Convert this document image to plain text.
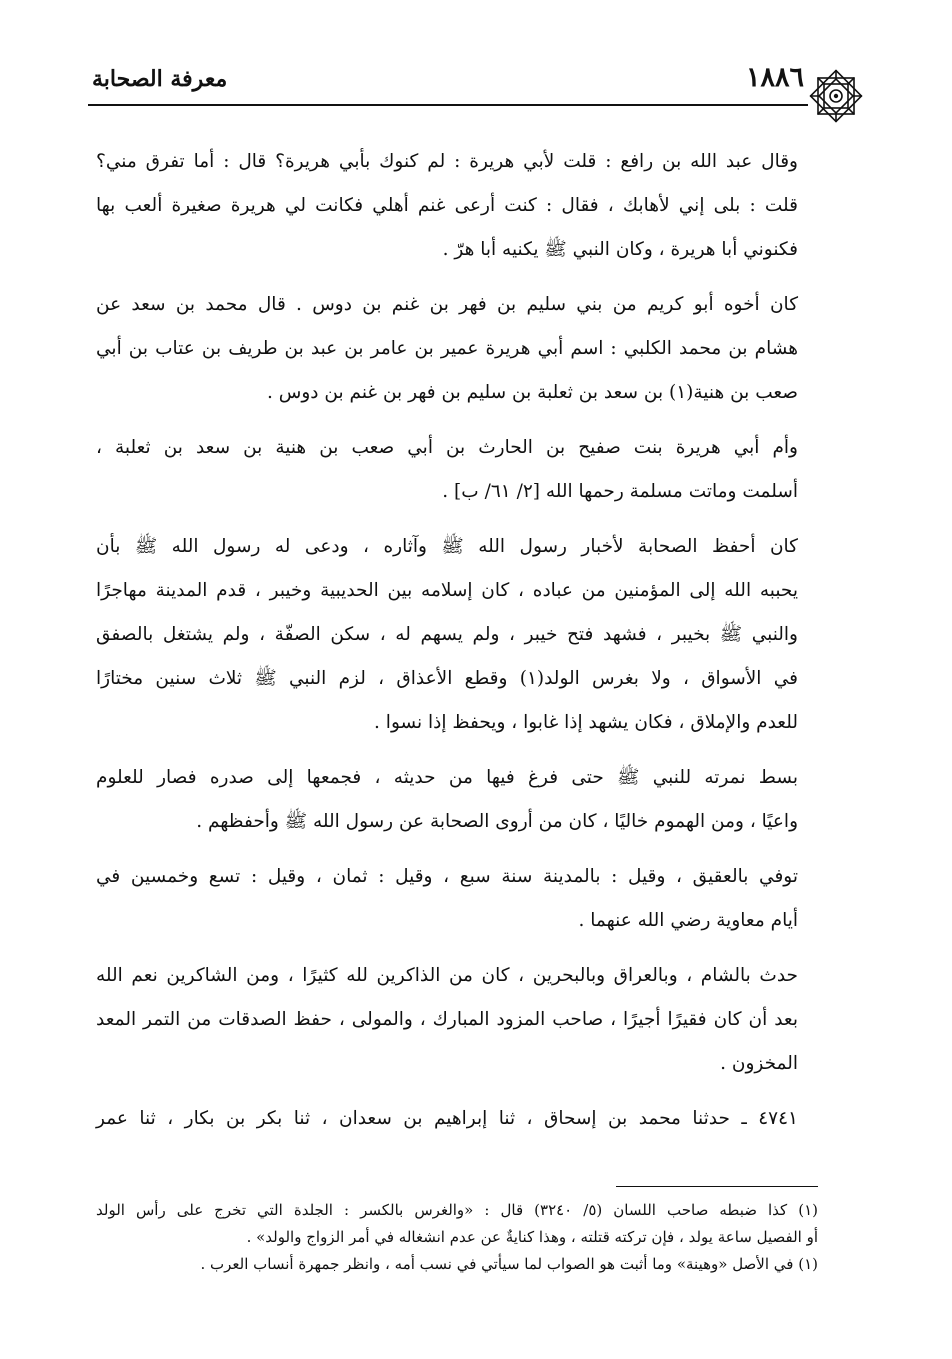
معرفة الصحابة	١٨٨٦

وقال عبد الله بن رافع : قلت لأبي هريرة : لم كنوك بأبي هريرة؟ قال : أما تفرق مني؟
قلت : بلى إني لأهابك ، فقال : كنت أرعى غنم أهلي فكانت لي هريرة صغيرة ألعب بها
فكنوني أبا هريرة ، وكان النبي ﷺ يكنيه أبا هرّ .

كان أخوه أبو كريم من بني سليم بن فهر بن غنم بن دوس . قال محمد بن سعد عن
هشام بن محمد الكلبي : اسم أبي هريرة عمير بن عامر بن عبد بن طريف بن عتاب بن أبي
صعب بن هنية(١) بن سعد بن ثعلبة بن سليم بن فهر بن غنم بن دوس .

وأم أبي هريرة بنت صفيح بن الحارث بن أبي صعب بن هنية بن سعد بن ثعلبة ،
أسلمت وماتت مسلمة رحمها الله [٢/ ٦١/ ب] .

كان أحفظ الصحابة لأخبار رسول الله ﷺ وآثاره ، ودعى له رسول الله ﷺ بأن
يحببه الله إلى المؤمنين من عباده ، كان إسلامه بين الحديبية وخيبر ، قدم المدينة مهاجرًا
والنبي ﷺ بخيبر ، فشهد فتح خيبر ، ولم يسهم له ، سكن الصفّة ، ولم يشتغل بالصفق
في الأسواق ، ولا بغرس الولد(١) وقطع الأعذاق ، لزم النبي ﷺ ثلاث سنين مختارًا
للعدم والإملاق ، فكان يشهد إذا غابوا ، ويحفظ إذا نسوا .

بسط نمرته للنبي ﷺ حتى فرغ فيها من حديثه ، فجمعها إلى صدره فصار للعلوم
واعيًا ، ومن الهموم خاليًا ، كان من أروى الصحابة عن رسول الله ﷺ وأحفظهم .

توفي بالعقيق ، وقيل : بالمدينة سنة سبع ، وقيل : ثمان ، وقيل : تسع وخمسين في
أيام معاوية رضي الله عنهما .

حدث بالشام ، وبالعراق وبالبحرين ، كان من الذاكرين لله كثيرًا ، ومن الشاكرين نعم الله
بعد أن كان فقيرًا أجيرًا ، صاحب المزود المبارك ، والمولى ، حفظ الصدقات من التمر المعد
المخزون .

٤٧٤١ ـ حدثنا محمد بن إسحاق ، ثنا إبراهيم بن سعدان ، ثنا بكر بن بكار ، ثنا عمر

(١) كذا ضبطه صاحب اللسان (٥/ ٣٢٤٠) قال : «والغرس بالكسر : الجلدة التي تخرج على رأس الولد
أو الفصيل ساعة يولد ، فإن تركته قتلته ، وهذا كنايةٌ عن عدم انشغاله في أمر الزواج والولد» .
(١) في الأصل «وهينة» وما أثبت هو الصواب لما سيأتي في نسب أمه ، وانظر جمهرة أنساب العرب .
